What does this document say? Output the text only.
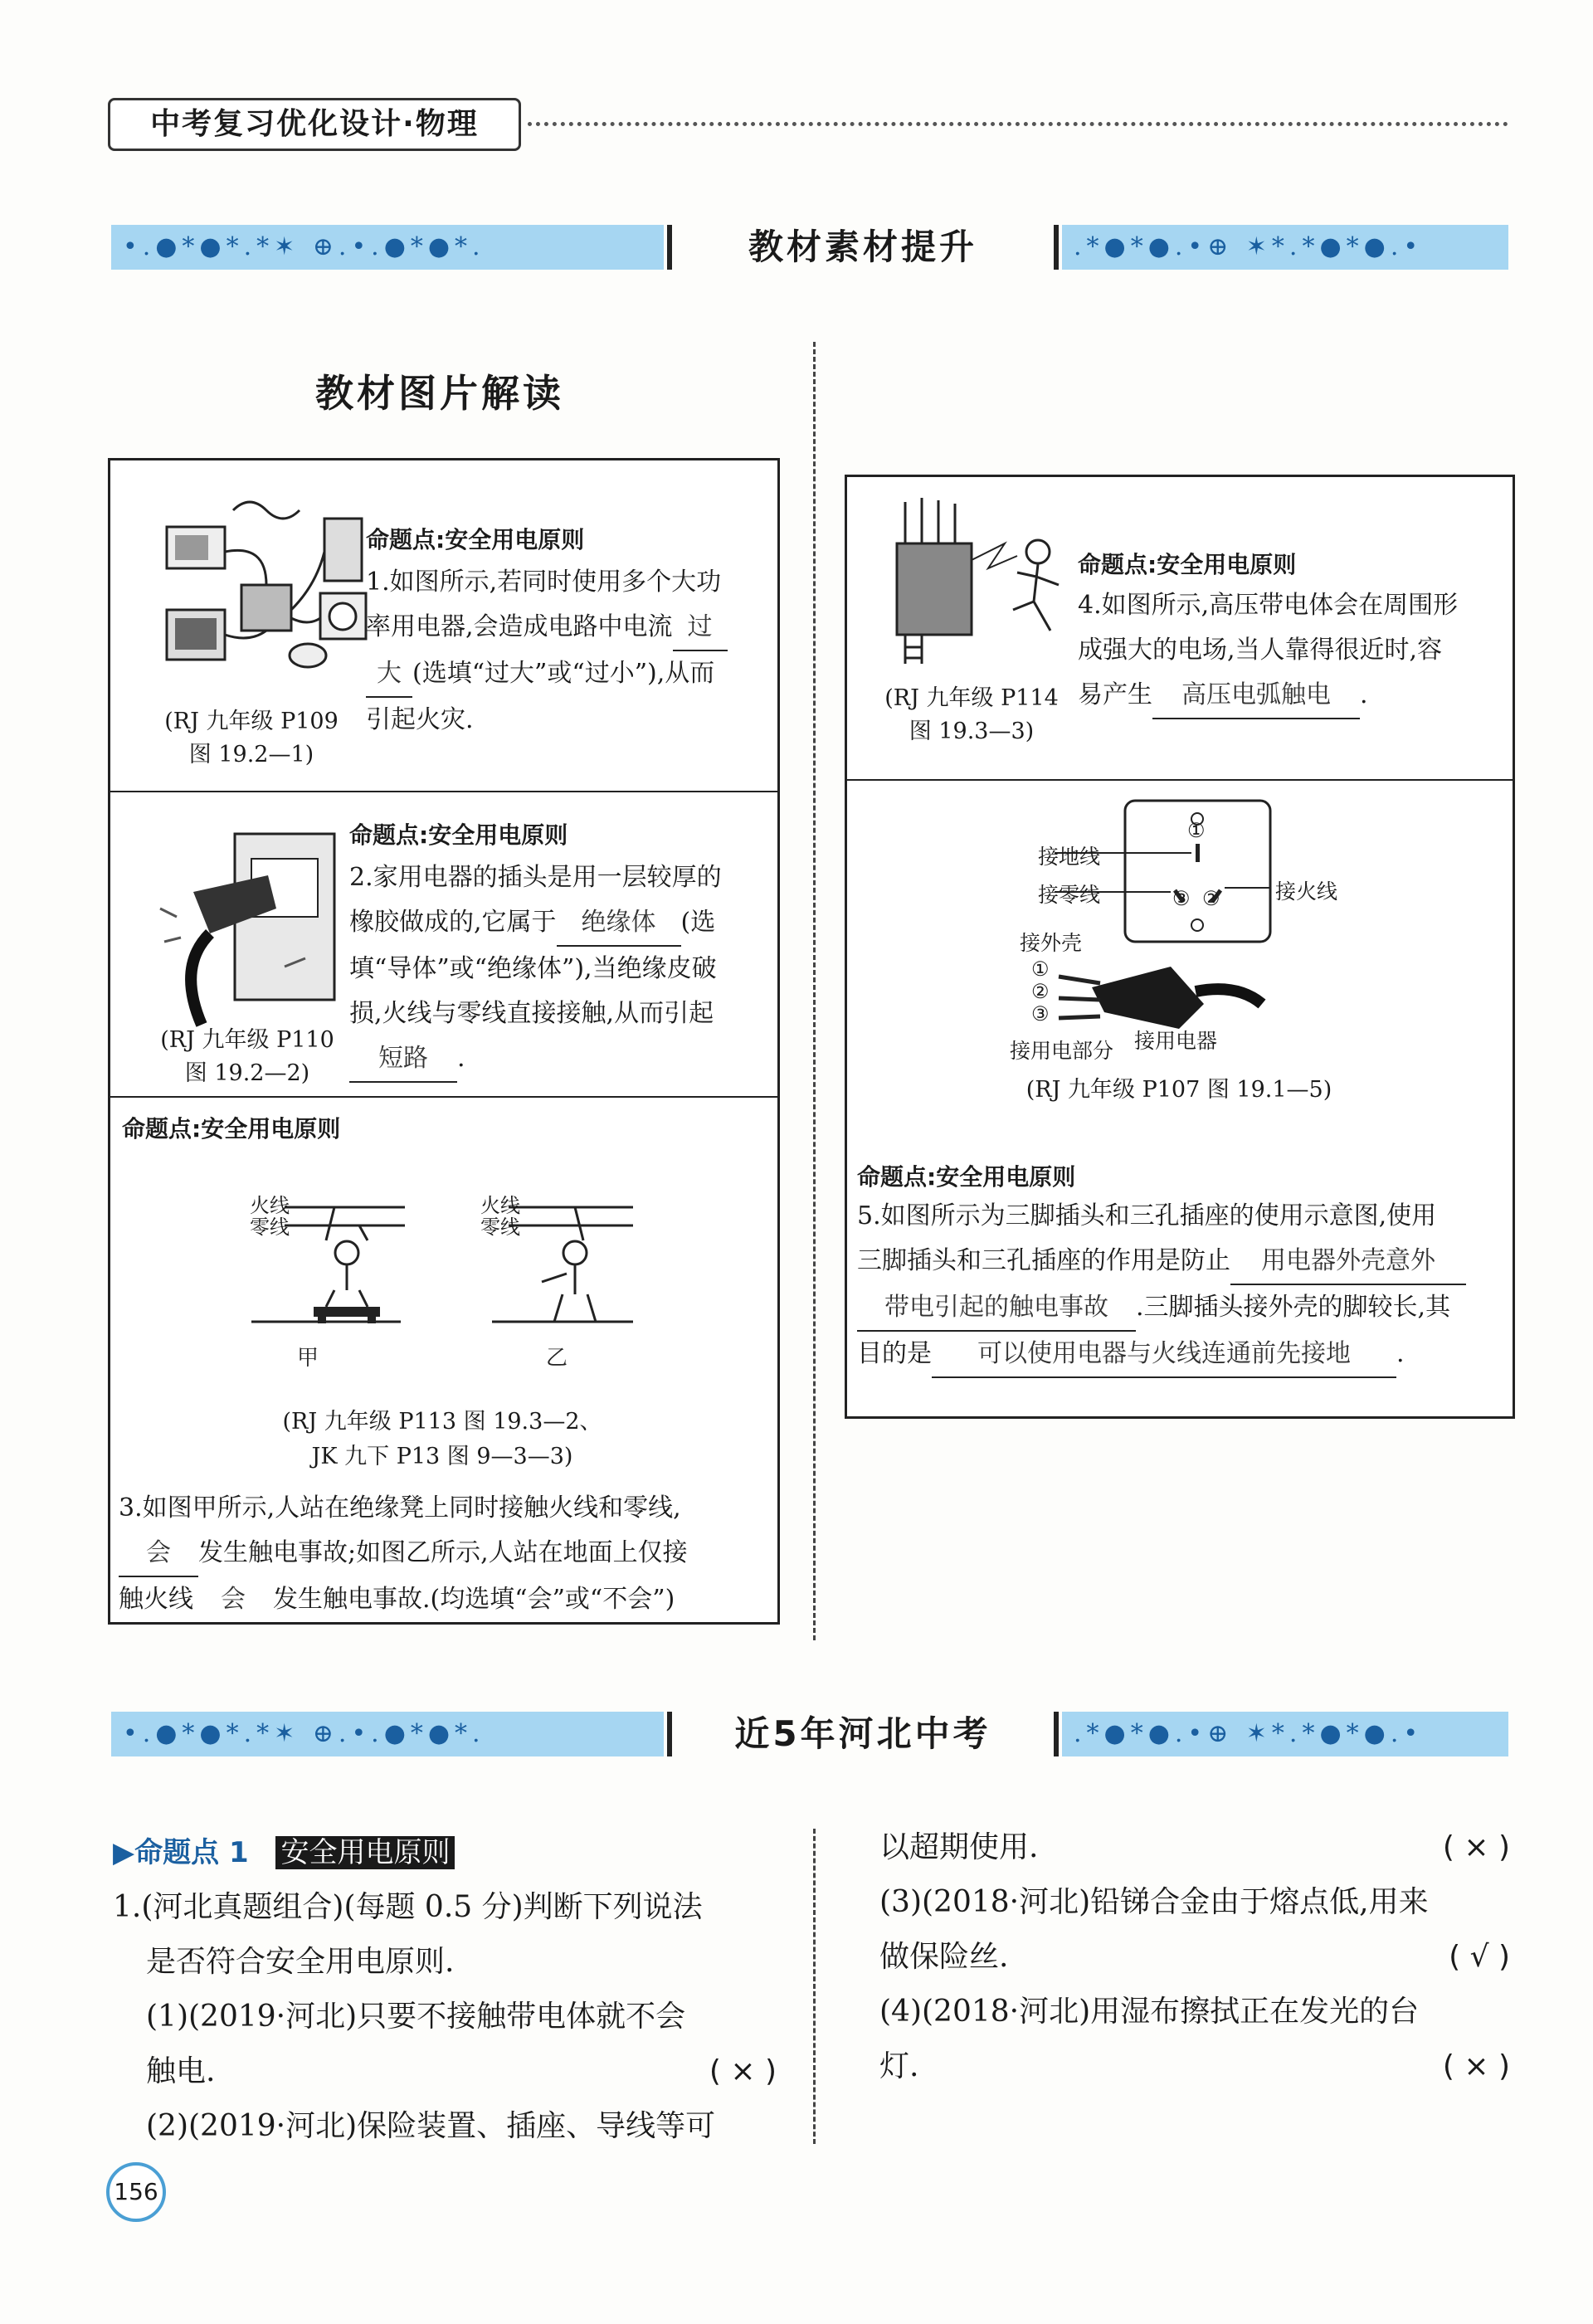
中考复习优化设计·物理
•.●*●*.*✶ ⊕.•.●*●*.	教材素材提升	.*●*●.•⊕ ✶*.*●*●.•
教材图片解读
(RJ 九年级 P109
图 19.2—1)
命题点:安全用电原则
1.如图所示,若同时使用多个大功
率用电器,会造成电路中电流 过
大 (选填“过大”或“过小”),从而
引起火灾.
(RJ 九年级 P110
图 19.2—2)
命题点:安全用电原则
2.家用电器的插头是用一层较厚的
橡胶做成的,它属于 绝缘体 (选
填“导体”或“绝缘体”),当绝缘皮破
损,火线与零线直接接触,从而引起
短路 .
命题点:安全用电原则
甲	乙
火线
零线
火线
零线
(RJ 九年级 P113 图 19.3—2、
JK 九下 P13 图 9—3—3)
3.如图甲所示,人站在绝缘凳上同时接触火线和零线,
会 发生触电事故;如图乙所示,人站在地面上仅接
触火线 会 发生触电事故.(均选填“会”或“不会”)
(RJ 九年级 P114
图 19.3—3)
命题点:安全用电原则
4.如图所示,高压带电体会在周围形
成强大的电场,当人靠得很近时,容
易产生 高压电弧触电 .
接地线
接零线	接火线
接外壳
①
③ ②
①
②
③
接用电部分 接用电器
(RJ 九年级 P107 图 19.1—5)
命题点:安全用电原则
5.如图所示为三脚插头和三孔插座的使用示意图,使用
三脚插头和三孔插座的作用是防止 用电器外壳意外
带电引起的触电事故 .三脚插头接外壳的脚较长,其
目的是 可以使用电器与火线连通前先接地 .
•.●*●*.*✶ ⊕.•.●*●*.	近5年河北中考	.*●*●.•⊕ ✶*.*●*●.•
▶命题点 1 安全用电原则
1.(河北真题组合)(每题 0.5 分)判断下列说法
是否符合安全用电原则.
(1)(2019·河北)只要不接触带电体就不会
触电.	( × )
(2)(2019·河北)保险装置、插座、导线等可
以超期使用.	( × )
(3)(2018·河北)铅锑合金由于熔点低,用来
做保险丝.	( √ )
(4)(2018·河北)用湿布擦拭正在发光的台
灯.	( × )
156
